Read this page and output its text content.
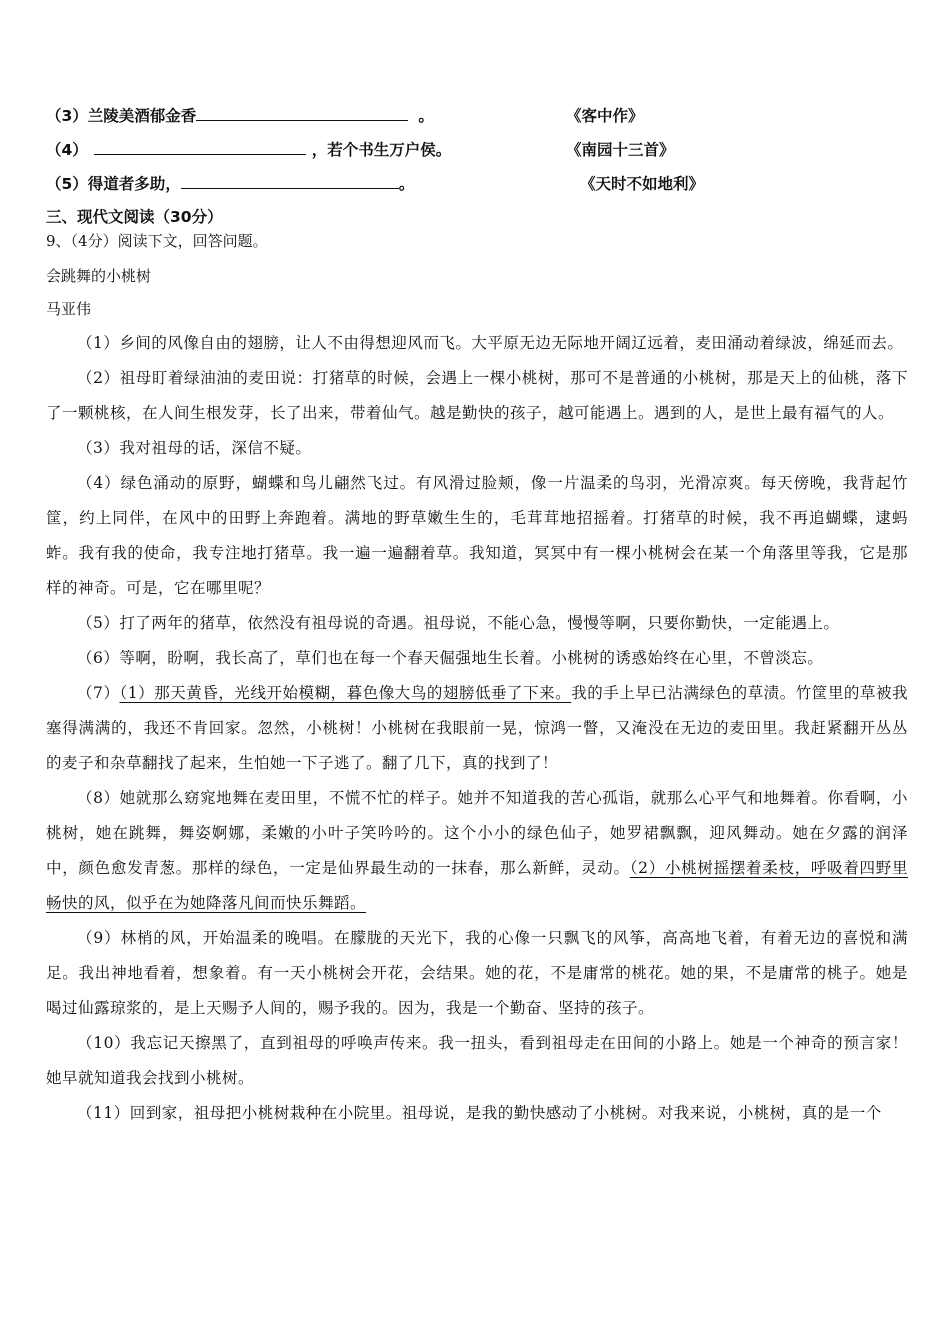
（3）兰陵美酒郁金香	。	《客中作》
（4）	，若个书生万户侯。	《南园十三首》
（5）得道者多助，	。	《天时不如地利》
三、现代文阅读（30分）
9、（4分）阅读下文，回答问题。
会跳舞的小桃树
马亚伟

（1）乡间的风像自由的翅膀，让人不由得想迎风而飞。大平原无边无际地开阔辽远着，麦田涌动着绿波，绵延而去。

（2）祖母盯着绿油油的麦田说：打猪草的时候，会遇上一棵小桃树，那可不是普通的小桃树，那是天上的仙桃，落下了一颗桃核，在人间生根发芽，长了出来，带着仙气。越是勤快的孩子，越可能遇上。遇到的人，是世上最有福气的人。

（3）我对祖母的话，深信不疑。

（4）绿色涌动的原野，蝴蝶和鸟儿翩然飞过。有风滑过脸颊，像一片温柔的鸟羽，光滑凉爽。每天傍晚，我背起竹筐，约上同伴，在风中的田野上奔跑着。满地的野草嫩生生的，毛茸茸地招摇着。打猪草的时候，我不再追蝴蝶，逮蚂蚱。我有我的使命，我专注地打猪草。我一遍一遍翻着草。我知道，冥冥中有一棵小桃树会在某一个角落里等我，它是那样的神奇。可是，它在哪里呢？

（5）打了两年的猪草，依然没有祖母说的奇遇。祖母说，不能心急，慢慢等啊，只要你勤快，一定能遇上。

（6）等啊，盼啊，我长高了，草们也在每一个春天倔强地生长着。小桃树的诱惑始终在心里，不曾淡忘。

（7）（1）那天黄昏，光线开始模糊，暮色像大鸟的翅膀低垂了下来。我的手上早已沾满绿色的草渍。竹筐里的草被我塞得满满的，我还不肯回家。忽然，小桃树！小桃树在我眼前一晃，惊鸿一瞥，又淹没在无边的麦田里。我赶紧翻开丛丛的麦子和杂草翻找了起来，生怕她一下子逃了。翻了几下，真的找到了！

（8）她就那么窈窕地舞在麦田里，不慌不忙的样子。她并不知道我的苦心孤诣，就那么心平气和地舞着。你看啊，小桃树，她在跳舞，舞姿婀娜，柔嫩的小叶子笑吟吟的。这个小小的绿色仙子，她罗裙飘飘，迎风舞动。她在夕露的润泽中，颜色愈发青葱。那样的绿色，一定是仙界最生动的一抹春，那么新鲜，灵动。（2）小桃树摇摆着柔枝，呼吸着四野里畅快的风，似乎在为她降落凡间而快乐舞蹈。

（9）林梢的风，开始温柔的晚唱。在朦胧的天光下，我的心像一只飘飞的风筝，高高地飞着，有着无边的喜悦和满足。我出神地看着，想象着。有一天小桃树会开花，会结果。她的花，不是庸常的桃花。她的果，不是庸常的桃子。她是喝过仙露琼浆的，是上天赐予人间的，赐予我的。因为，我是一个勤奋、坚持的孩子。

（10）我忘记天擦黑了，直到祖母的呼唤声传来。我一扭头，看到祖母走在田间的小路上。她是一个神奇的预言家！她早就知道我会找到小桃树。

（11）回到家，祖母把小桃树栽种在小院里。祖母说，是我的勤快感动了小桃树。对我来说，小桃树，真的是一个
